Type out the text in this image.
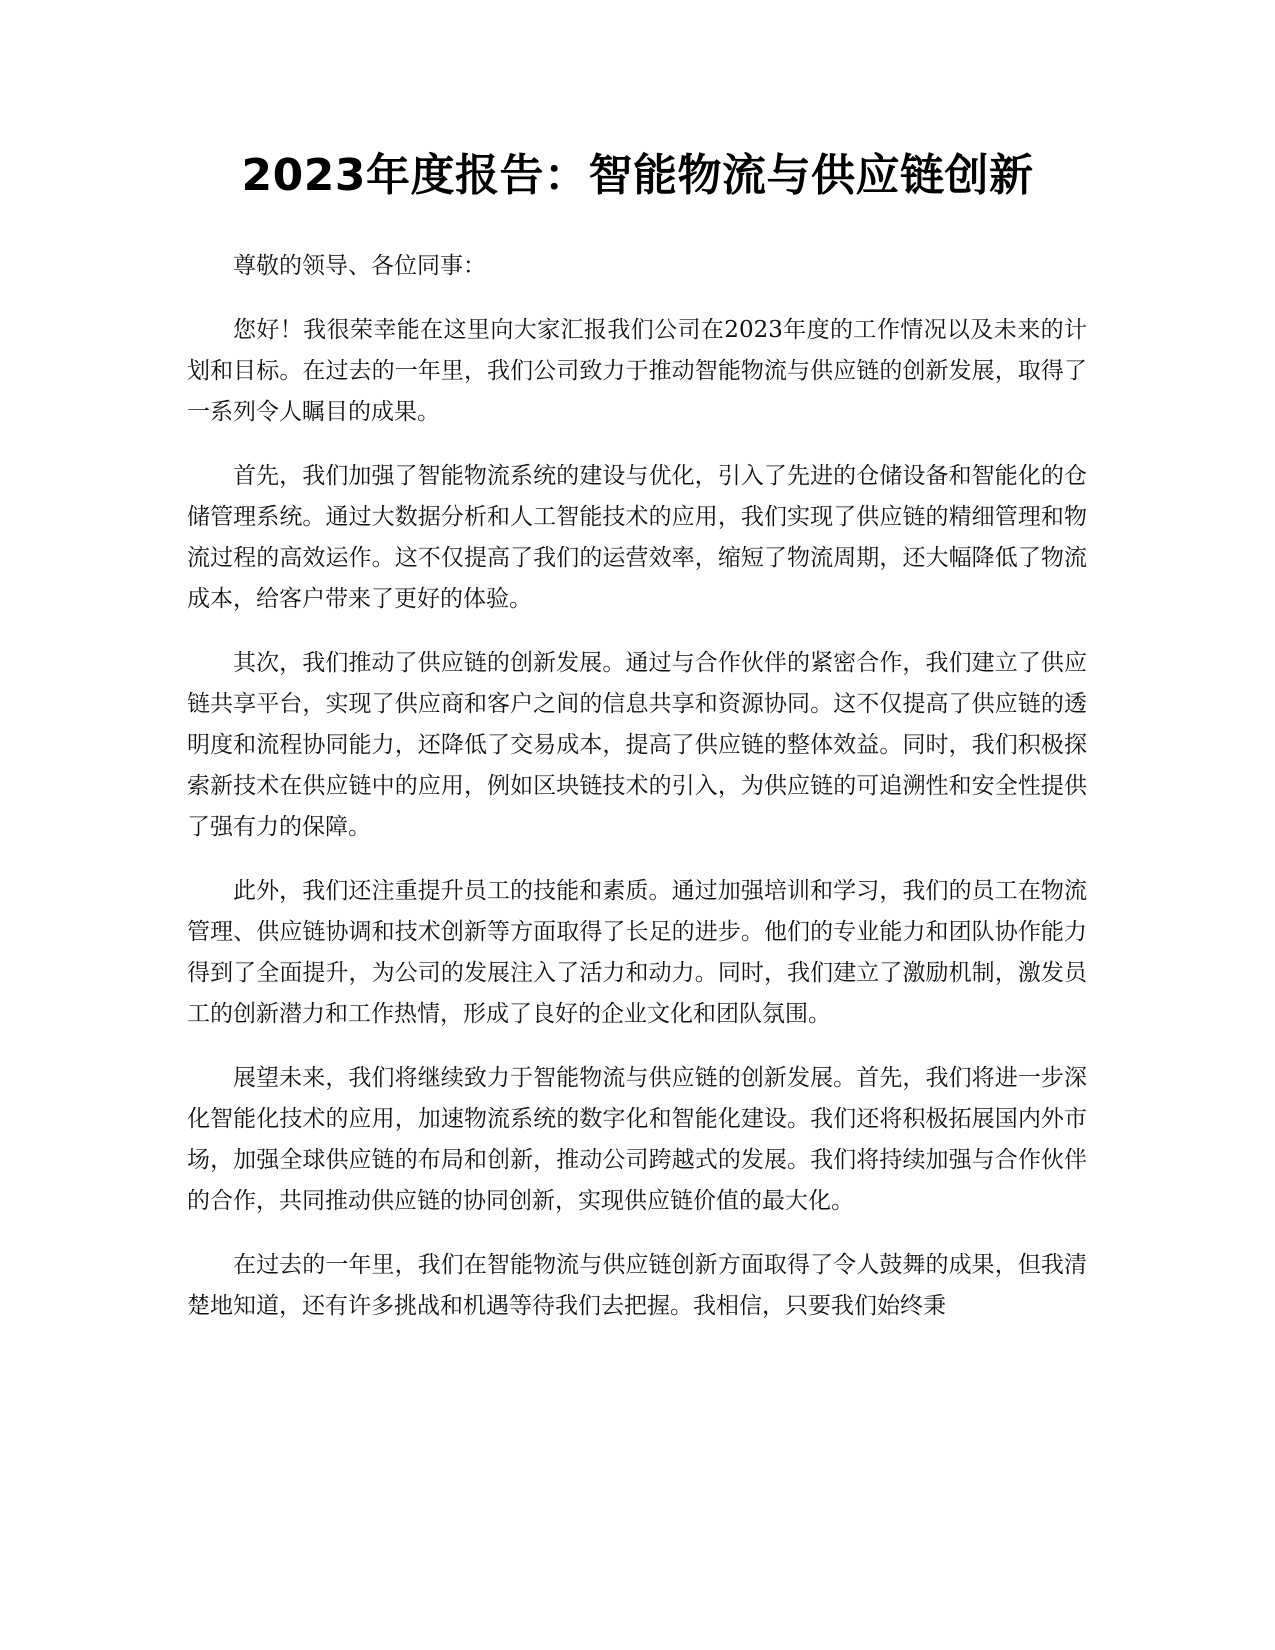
2023年度报告：智能物流与供应链创新

尊敬的领导、各位同事：

您好！我很荣幸能在这里向大家汇报我们公司在2023年度的工作情况以及未来的计划和目标。在过去的一年里，我们公司致力于推动智能物流与供应链的创新发展，取得了一系列令人瞩目的成果。

首先，我们加强了智能物流系统的建设与优化，引入了先进的仓储设备和智能化的仓储管理系统。通过大数据分析和人工智能技术的应用，我们实现了供应链的精细管理和物流过程的高效运作。这不仅提高了我们的运营效率，缩短了物流周期，还大幅降低了物流成本，给客户带来了更好的体验。

其次，我们推动了供应链的创新发展。通过与合作伙伴的紧密合作，我们建立了供应链共享平台，实现了供应商和客户之间的信息共享和资源协同。这不仅提高了供应链的透明度和流程协同能力，还降低了交易成本，提高了供应链的整体效益。同时，我们积极探索新技术在供应链中的应用，例如区块链技术的引入，为供应链的可追溯性和安全性提供了强有力的保障。

此外，我们还注重提升员工的技能和素质。通过加强培训和学习，我们的员工在物流管理、供应链协调和技术创新等方面取得了长足的进步。他们的专业能力和团队协作能力得到了全面提升，为公司的发展注入了活力和动力。同时，我们建立了激励机制，激发员工的创新潜力和工作热情，形成了良好的企业文化和团队氛围。

展望未来，我们将继续致力于智能物流与供应链的创新发展。首先，我们将进一步深化智能化技术的应用，加速物流系统的数字化和智能化建设。我们还将积极拓展国内外市场，加强全球供应链的布局和创新，推动公司跨越式的发展。我们将持续加强与合作伙伴的合作，共同推动供应链的协同创新，实现供应链价值的最大化。

在过去的一年里，我们在智能物流与供应链创新方面取得了令人鼓舞的成果，但我清楚地知道，还有许多挑战和机遇等待我们去把握。我相信，只要我们始终秉
